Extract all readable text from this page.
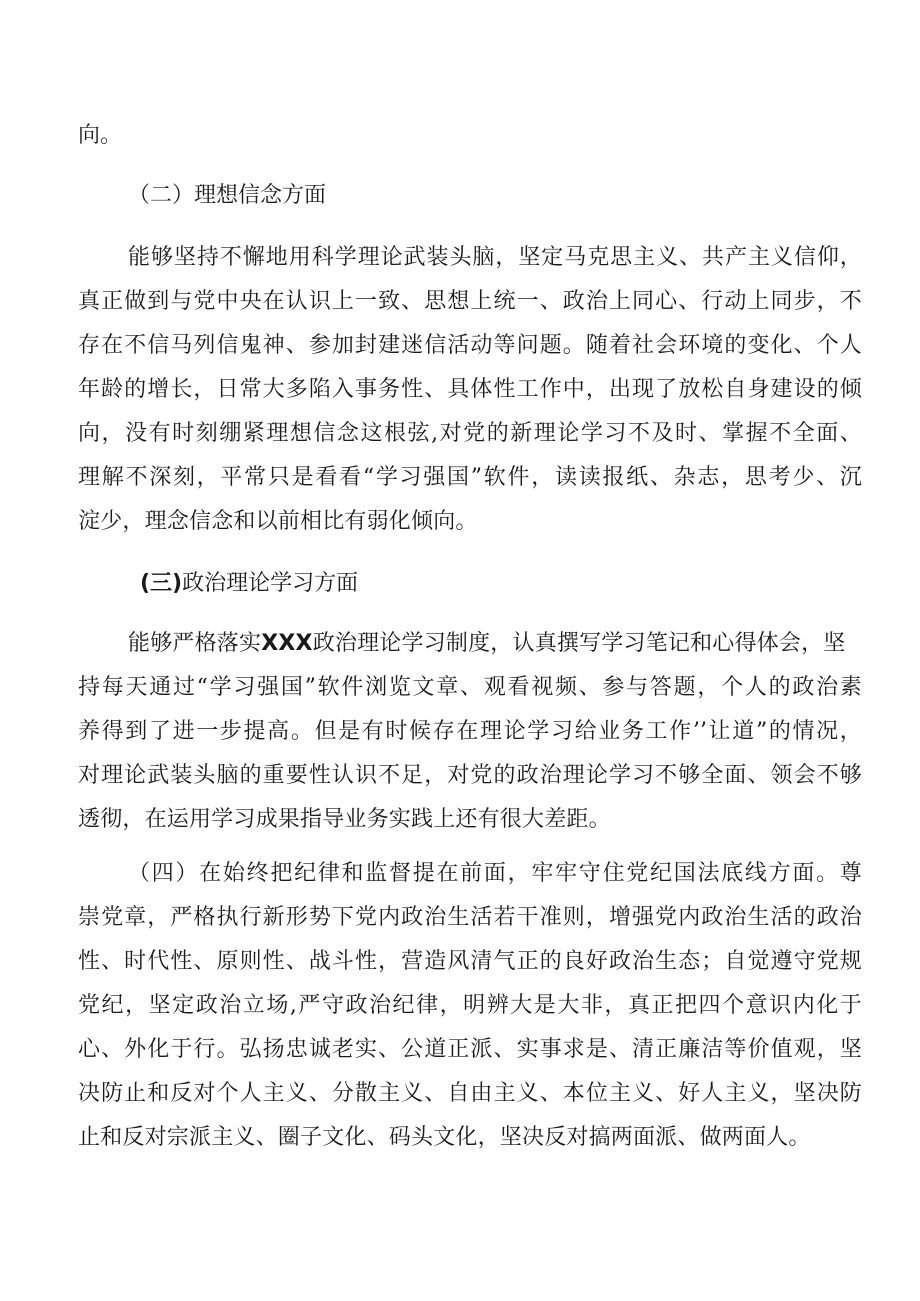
向。
（二）理想信念方面
能够坚持不懈地用科学理论武装头脑，坚定马克思主义、共产主义信仰，
真正做到与党中央在认识上一致、思想上统一、政治上同心、行动上同步，不
存在不信马列信鬼神、参加封建迷信活动等问题。随着社会环境的变化、个人
年龄的增长，日常大多陷入事务性、具体性工作中，出现了放松自身建设的倾
向，没有时刻绷紧理想信念这根弦,对党的新理论学习不及时、掌握不全面、
理解不深刻，平常只是看看“学习强国”软件，读读报纸、杂志，思考少、沉
淀少，理念信念和以前相比有弱化倾向。
(三)政治理论学习方面
能够严格落实XXX政治理论学习制度，认真撰写学习笔记和心得体会，坚
持每天通过“学习强国”软件浏览文章、观看视频、参与答题，个人的政治素
养得到了进一步提高。但是有时候存在理论学习给业务工作’’让道”的情况，
对理论武装头脑的重要性认识不足，对党的政治理论学习不够全面、领会不够
透彻，在运用学习成果指导业务实践上还有很大差距。
（四）在始终把纪律和监督提在前面，牢牢守住党纪国法底线方面。尊
崇党章，严格执行新形势下党内政治生活若干准则，增强党内政治生活的政治
性、时代性、原则性、战斗性，营造风清气正的良好政治生态；自觉遵守党规
党纪，坚定政治立场,严守政治纪律，明辨大是大非，真正把四个意识内化于
心、外化于行。弘扬忠诚老实、公道正派、实事求是、清正廉洁等价值观，坚
决防止和反对个人主义、分散主义、自由主义、本位主义、好人主义，坚决防
止和反对宗派主义、圈子文化、码头文化，坚决反对搞两面派、做两面人。
